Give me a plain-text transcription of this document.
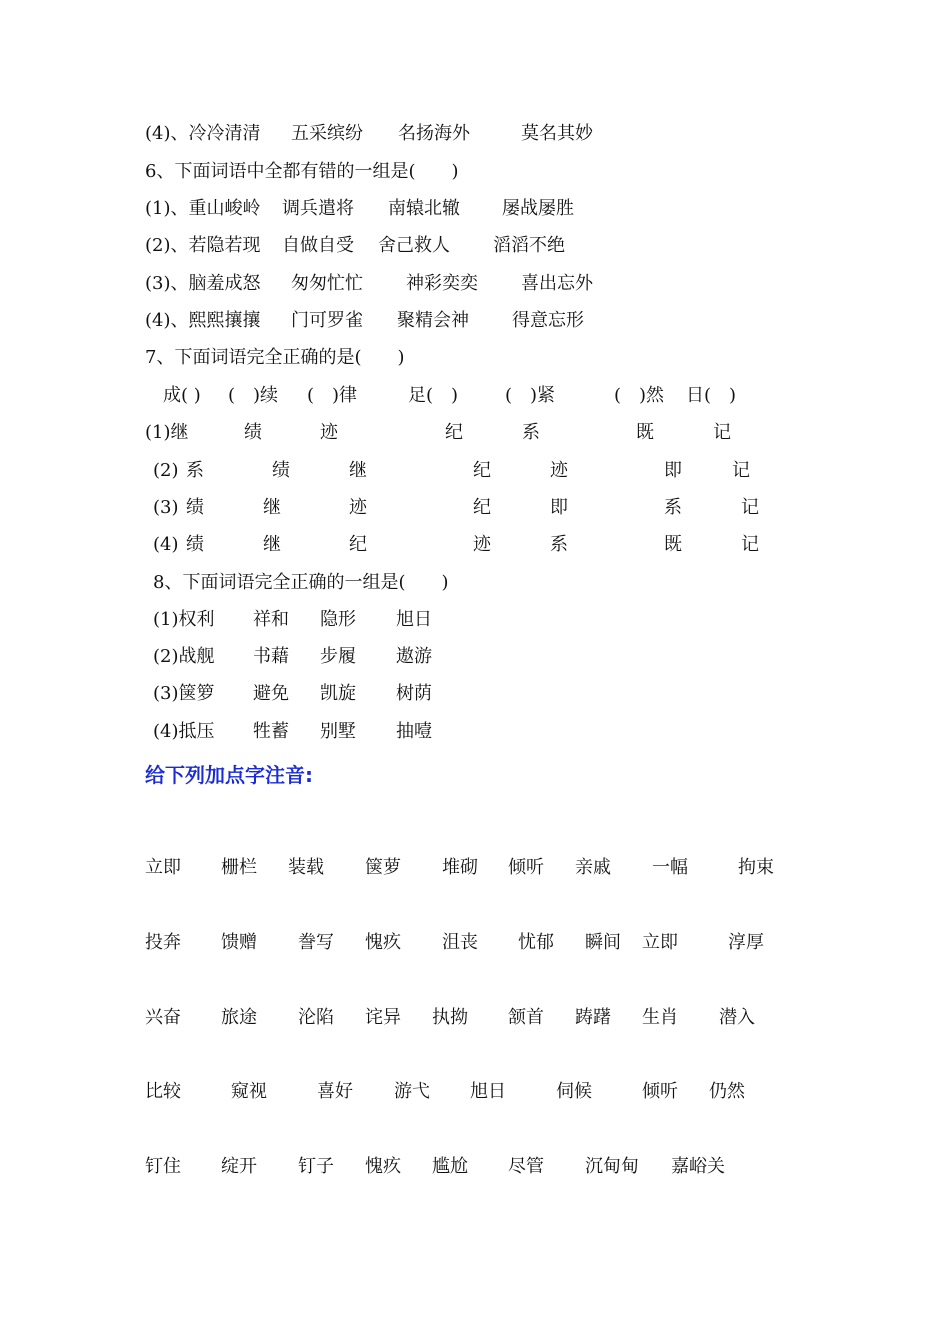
(4)、冷冷清清 五采缤纷 名扬海外	莫名其妙
6、下面词语中全都有错的一组是(　　)
(1)、重山峻岭 调兵遣将 南辕北辙 屡战屡胜
(2)、若隐若现 自做自受 舍己救人 滔滔不绝
(3)、脑羞成怒 匆匆忙忙 神彩奕奕 喜出忘外
(4)、熙熙攘攘 门可罗雀 聚精会神 得意忘形
7、下面词语完全正确的是(　　)
成( ) (　)续 (　)律	足(　)	(　)紧	(　)然 日(　)
(1)继	绩	迹	纪	系	既	记
(2) 系	绩	继	纪	迹	即	记
(3) 绩	继	迹	纪	即	系	记
(4) 绩	继	纪	迹	系	既	记
8、下面词语完全正确的一组是(　　)
(1)权利 祥和 隐形 旭日
(2)战舰 书藉 步履 遨游
(3)箧箩 避免 凯旋 树荫
(4)抵压 牲蓄 别墅 抽噎
给下列加点字注音:
立即 栅栏 装载 箧萝 堆砌 倾听 亲戚 一幅	拘束
投奔 馈赠 誊写 愧疚 沮丧 忧郁 瞬间 立即	淳厚
兴奋 旅途 沦陷 诧异 执拗 颔首 踌躇 生肖 潜入
比较	窥视	喜好 游弋 旭日	伺候	倾听 仍然
钉住 绽开 钉子 愧疚 尴尬 尽管 沉甸甸 嘉峪关
